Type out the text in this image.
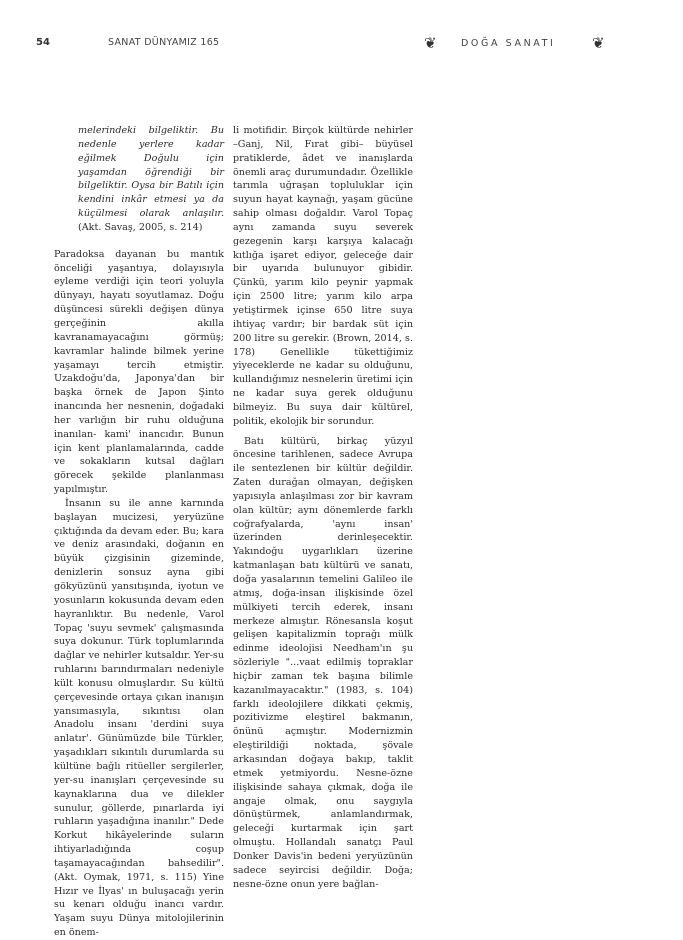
54	SANAT DÜNYAMIZ 165	❦	DOĞA SANATI ❦
melerindeki bilgeliktir. Bu nedenle yerlere kadar eğilmek Doğulu için yaşamdan öğrendiği bir bilgeliktir. Oysa bir Batılı için kendini inkâr etmesi ya da küçülmesi olarak anlaşılır. (Akt. Savaş, 2005, s. 214)

Paradoksa dayanan bu mantık önceliği yaşantıya, dolayısıyla eyleme verdiği için teori yoluyla dünyayı, hayatı soyutlamaz. Doğu düşüncesi sürekli değişen dünya gerçeğinin akılla kavranamayacağını görmüş; kavramlar halinde bilmek yerine yaşamayı tercih etmiştir. Uzakdoğu'da, Japonya'dan bir başka örnek de Japon Şinto inancında her nesnenin, doğadaki her varlığın bir ruhu olduğuna inanılan- kami' inancıdır. Bunun için kent planlamalarında, cadde ve sokakların kutsal dağları görecek şekilde planlanması yapılmıştır.

İnsanın su ile anne karnında başlayan mucizesi, yeryüzüne çıktığında da devam eder. Bu; kara ve deniz arasındaki, doğanın en büyük çizgisinin gizeminde, denizlerin sonsuz ayna gibi gökyüzünü yansıtışında, iyotun ve yosunların kokusunda devam eden hayranlıktır. Bu nedenle, Varol Topaç 'suyu sevmek' çalışmasında suya dokunur. Türk toplumlarında dağlar ve nehirler kutsaldır. Yer-su ruhlarını barındırmaları nedeniyle kült konusu olmuşlardır. Su kültü çerçevesinde ortaya çıkan inanışın yansımasıyla, sıkıntısı olan Anadolu insanı 'derdini suya anlatır'. Günümüzde bile Türkler, yaşadıkları sıkıntılı durumlarda su kültüne bağlı ritüeller sergilerler, yer-su inanışları çerçevesinde su kaynaklarına dua ve dilekler sunulur, göllerde, pınarlarda iyi ruhların yaşadığına inanılır." Dede Korkut hikâyelerinde suların ihtiyarladığında coşup taşamayacağından bahsedilir". (Akt. Oymak, 1971, s. 115) Yine Hızır ve İlyas' ın buluşacağı yerin su kenarı olduğu inancı vardır. Yaşam suyu Dünya mitolojilerinin en önem-

li motifidir. Birçok kültürde nehirler –Ganj, Nil, Fırat gibi– büyüsel pratiklerde, âdet ve inanışlarda önemli araç durumundadır. Özellikle tarımla uğraşan topluluklar için suyun hayat kaynağı, yaşam gücüne sahip olması doğaldır. Varol Topaç aynı zamanda suyu severek gezegenin karşı karşıya kalacağı kıtlığa işaret ediyor, geleceğe dair bir uyarıda bulunuyor gibidir. Çünkü, yarım kilo peynir yapmak için 2500 litre; yarım kilo arpa yetiştirmek içinse 650 litre suya ihtiyaç vardır; bir bardak süt için 200 litre su gerekir. (Brown, 2014, s. 178) Genellikle tükettiğimiz yiyeceklerde ne kadar su olduğunu, kullandığımız nesnelerin üretimi için ne kadar suya gerek olduğunu bilmeyiz. Bu suya dair kültürel, politik, ekolojik bir sorundur.

Batı kültürü, birkaç yüzyıl öncesine tarihlenen, sadece Avrupa ile sentezlenen bir kültür değildir. Zaten durağan olmayan, değişken yapısıyla anlaşılması zor bir kavram olan kültür; aynı dönemlerde farklı coğrafyalarda, 'aynı insan' üzerinden derinleşecektir. Yakındoğu uygarlıkları üzerine katmanlaşan batı kültürü ve sanatı, doğa yasalarının temelini Galileo ile atmış, doğa-insan ilişkisinde özel mülkiyeti tercih ederek, insanı merkeze almıştır. Rönesansla koşut gelişen kapitalizmin toprağı mülk edinme ideolojisi Needham'ın şu sözleriyle "...vaat edilmiş topraklar hiçbir zaman tek başına bilimle kazanılmayacaktır." (1983, s. 104) farklı ideolojilere dikkati çekmiş, pozitivizme eleştirel bakmanın, önünü açmıştır. Modernizmin eleştirildiği noktada, şövale arkasından doğaya bakıp, taklit etmek yetmiyordu. Nesne-özne ilişkisinde sahaya çıkmak, doğa ile angaje olmak, onu saygıyla dönüştürmek, anlamlandırmak, geleceği kurtarmak için şart olmuştu. Hollandalı sanatçı Paul Donker Davis'in bedeni yeryüzünün sadece seyircisi değildir. Doğa; nesne-özne onun yere bağlan-
